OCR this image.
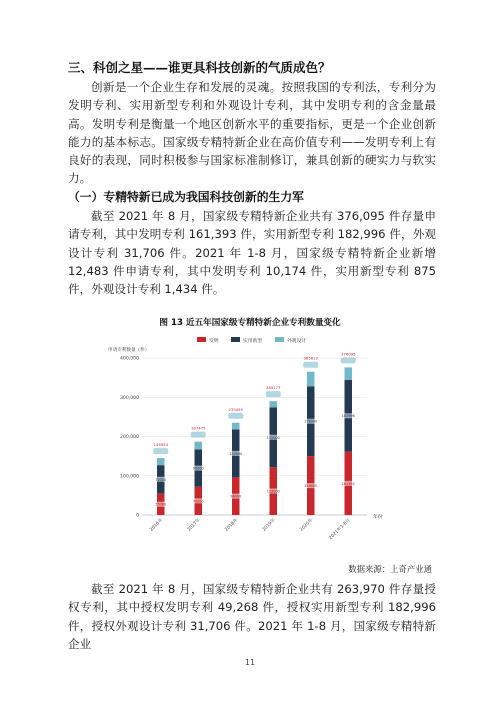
三、科创之星——谁更具科技创新的气质成色？

创新是一个企业生存和发展的灵魂。按照我国的专利法，专利分为发明专利、实用新型专利和外观设计专利，其中发明专利的含金量最高。发明专利是衡量一个地区创新水平的重要指标，更是一个企业创新能力的基本标志。国家级专精特新企业在高价值专利——发明专利上有良好的表现，同时积极参与国家标准制修订，兼具创新的硬实力与软实力。

（一）专精特新已成为我国科技创新的生力军

截至 2021 年 8 月，国家级专精特新企业共有 376,095 件存量申请专利，其中发明专利 161,393 件，实用新型专利 182,996 件，外观设计专利 31,706 件。2021 年 1-8 月，国家级专精特新企业新增 12,483 件申请专利，其中发明专利 10,174 件，实用新型专利 875 件，外观设计专利 1,434 件。

图 13 近五年国家级专精特新企业专利数量变化
发明	实用新型	外观设计
申请专利数量（件）
0
100,000
200,000
300,000
400,000
55000
72000
145954
2016年
72000
95000
187475
2017年
96000
122000
235495
2018年
122000
152000
289177
2019年
150000
178000
365612
2020年
161393
182996
376095
2021年1-8月
年份
数据来源：上奇产业通

截至 2021 年 8 月，国家级专精特新企业共有 263,970 件存量授权专利，其中授权发明专利 49,268 件，授权实用新型专利 182,996 件，授权外观设计专利 31,706 件。2021 年 1-8 月，国家级专精特新企业

11
